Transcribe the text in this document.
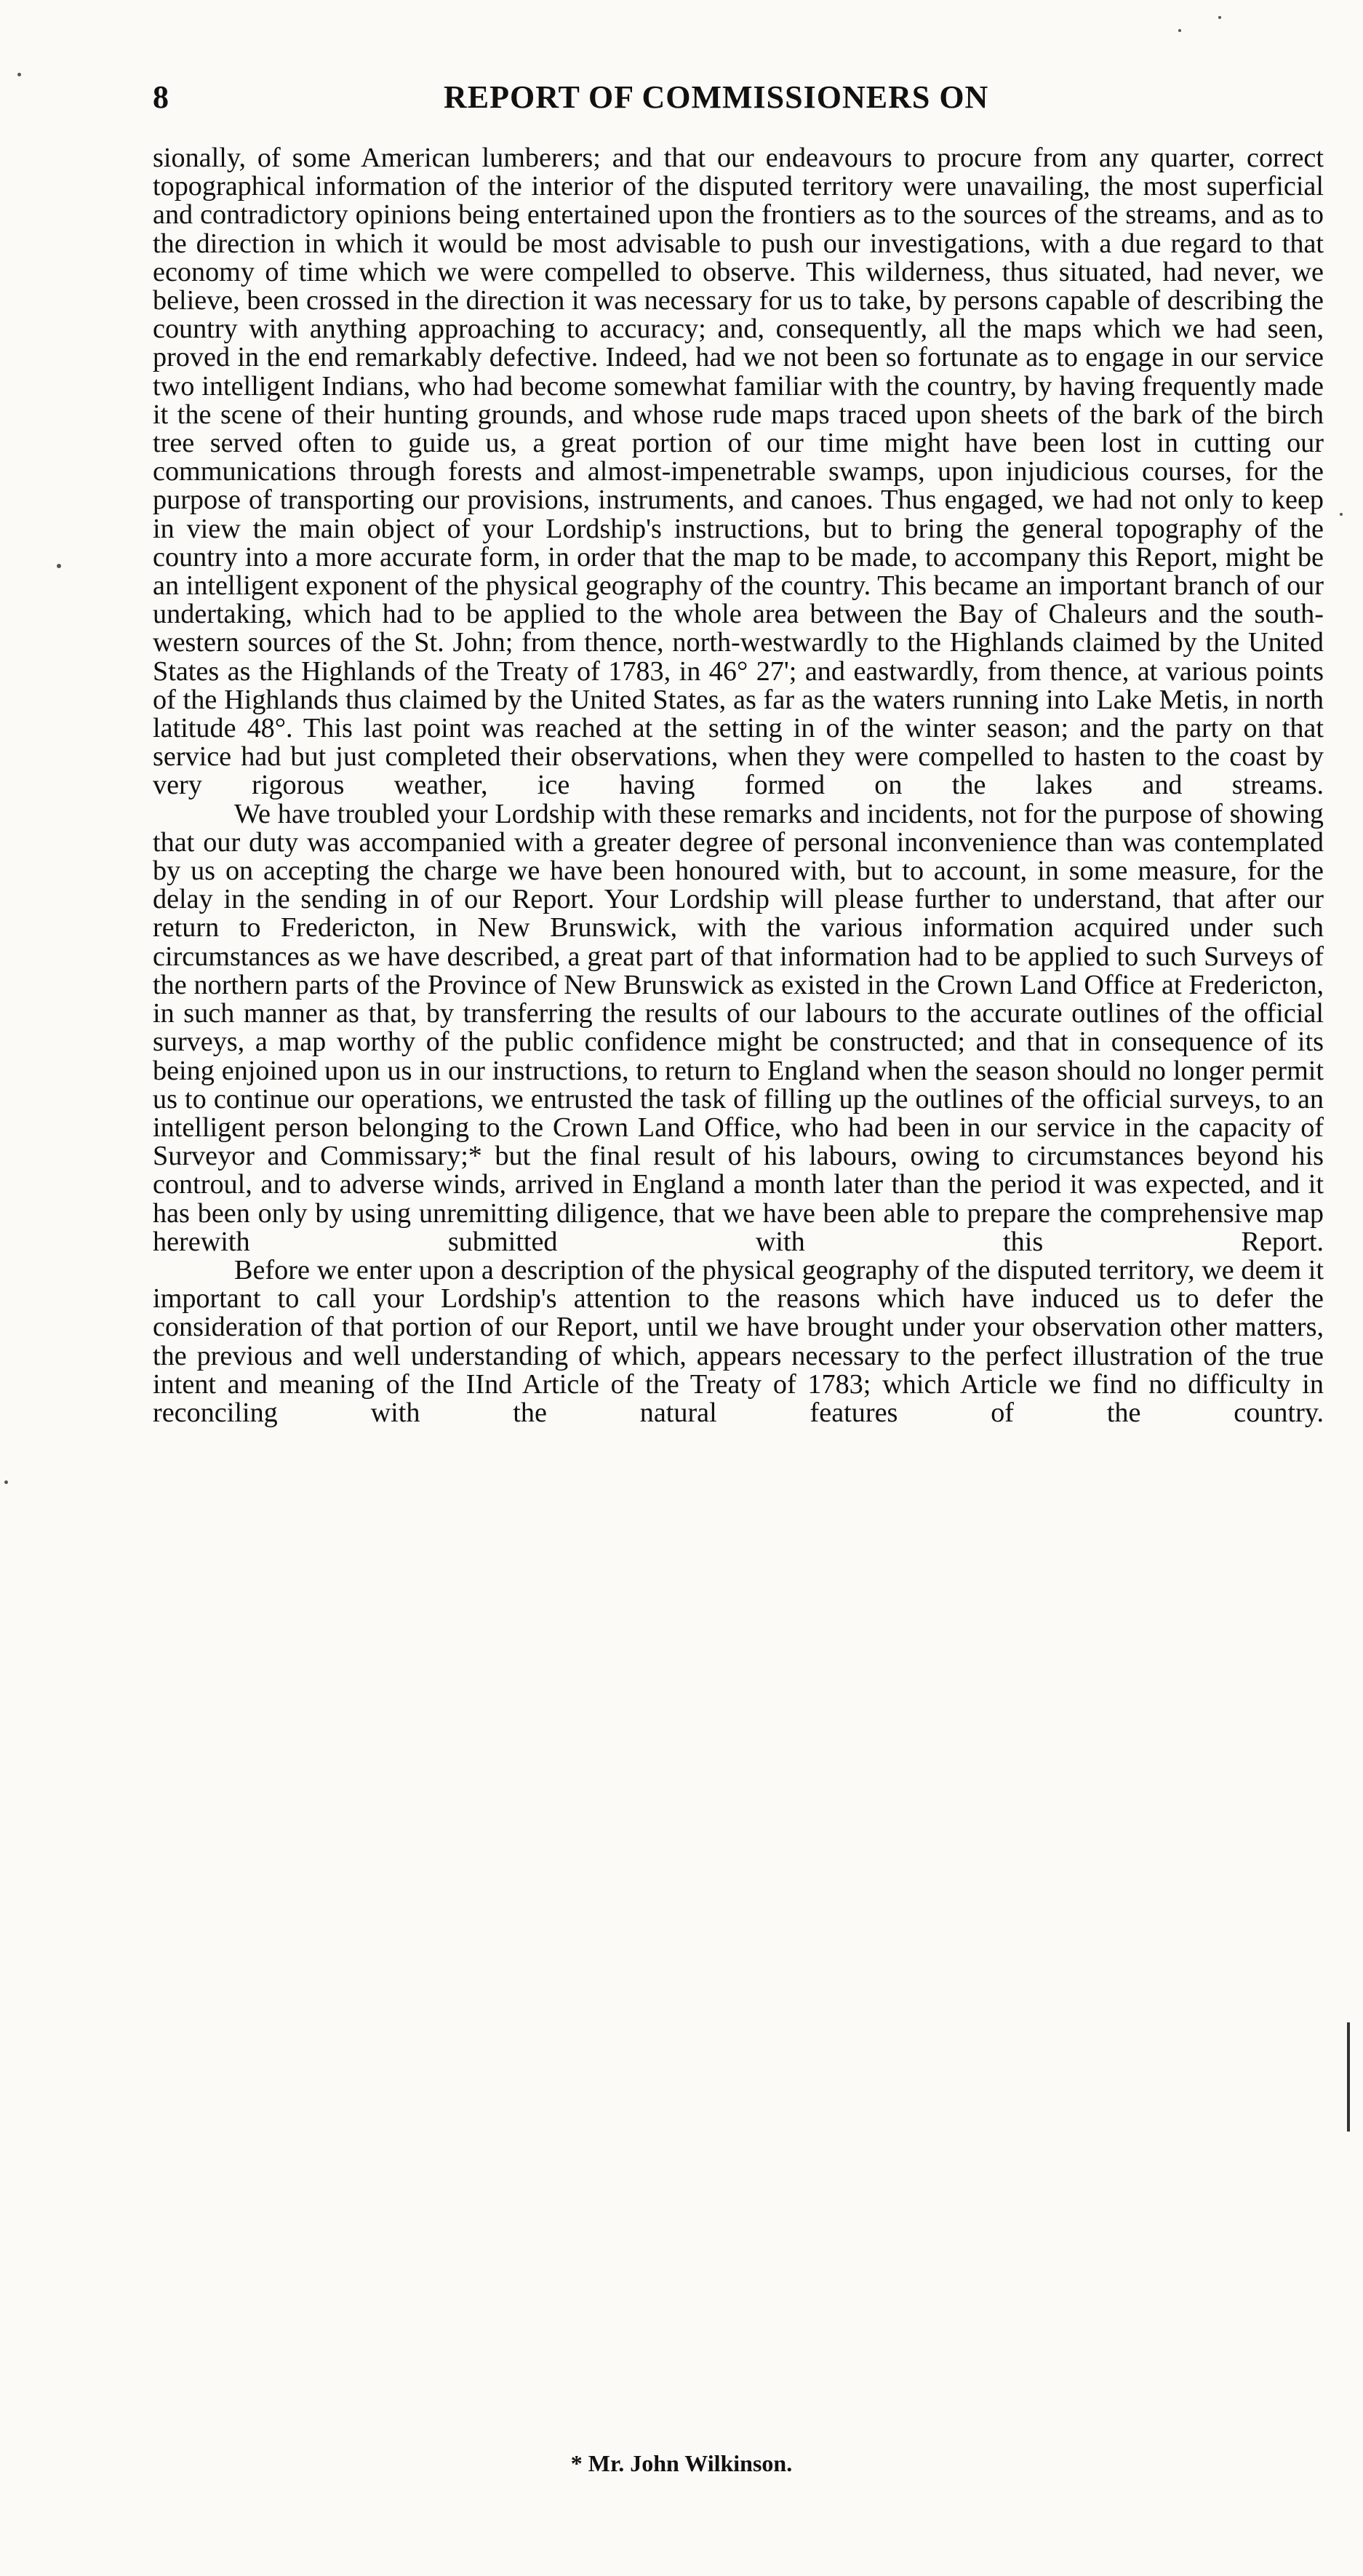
8	REPORT OF COMMISSIONERS ON

sionally, of some American lumberers; and that our endeavours to procure from any quarter, correct topographical information of the interior of the disputed territory were unavailing, the most superficial and contradictory opinions being entertained upon the frontiers as to the sources of the streams, and as to the direction in which it would be most advisable to push our investigations, with a due regard to that economy of time which we were compelled to observe. This wilderness, thus situated, had never, we believe, been crossed in the direction it was necessary for us to take, by persons capable of describing the country with anything approaching to accuracy; and, consequently, all the maps which we had seen, proved in the end remarkably defective. Indeed, had we not been so fortunate as to engage in our service two intelligent Indians, who had become somewhat familiar with the country, by having frequently made it the scene of their hunting grounds, and whose rude maps traced upon sheets of the bark of the birch tree served often to guide us, a great portion of our time might have been lost in cutting our communications through forests and almost-impenetrable swamps, upon injudicious courses, for the purpose of transporting our provisions, instruments, and canoes. Thus engaged, we had not only to keep in view the main object of your Lordship's instructions, but to bring the general topography of the country into a more accurate form, in order that the map to be made, to accompany this Report, might be an intelligent exponent of the physical geography of the country. This became an important branch of our undertaking, which had to be applied to the whole area between the Bay of Chaleurs and the south-western sources of the St. John; from thence, north-westwardly to the Highlands claimed by the United States as the Highlands of the Treaty of 1783, in 46° 27'; and eastwardly, from thence, at various points of the Highlands thus claimed by the United States, as far as the waters running into Lake Metis, in north latitude 48°. This last point was reached at the setting in of the winter season; and the party on that service had but just completed their observations, when they were compelled to hasten to the coast by very rigorous weather, ice having formed on the lakes and streams.

We have troubled your Lordship with these remarks and incidents, not for the purpose of showing that our duty was accompanied with a greater degree of personal inconvenience than was contemplated by us on accepting the charge we have been honoured with, but to account, in some measure, for the delay in the sending in of our Report. Your Lordship will please further to understand, that after our return to Fredericton, in New Brunswick, with the various information acquired under such circumstances as we have described, a great part of that information had to be applied to such Surveys of the northern parts of the Province of New Brunswick as existed in the Crown Land Office at Fredericton, in such manner as that, by transferring the results of our labours to the accurate outlines of the official surveys, a map worthy of the public confidence might be constructed; and that in consequence of its being enjoined upon us in our instructions, to return to England when the season should no longer permit us to continue our operations, we entrusted the task of filling up the outlines of the official surveys, to an intelligent person belonging to the Crown Land Office, who had been in our service in the capacity of Surveyor and Commissary;* but the final result of his labours, owing to circumstances beyond his controul, and to adverse winds, arrived in England a month later than the period it was expected, and it has been only by using unremitting diligence, that we have been able to prepare the comprehensive map herewith submitted with this Report.

Before we enter upon a description of the physical geography of the disputed territory, we deem it important to call your Lordship's attention to the reasons which have induced us to defer the consideration of that portion of our Report, until we have brought under your observation other matters, the previous and well understanding of which, appears necessary to the perfect illustration of the true intent and meaning of the IInd Article of the Treaty of 1783; which Article we find no difficulty in reconciling with the natural features of the country.

* Mr. John Wilkinson.
